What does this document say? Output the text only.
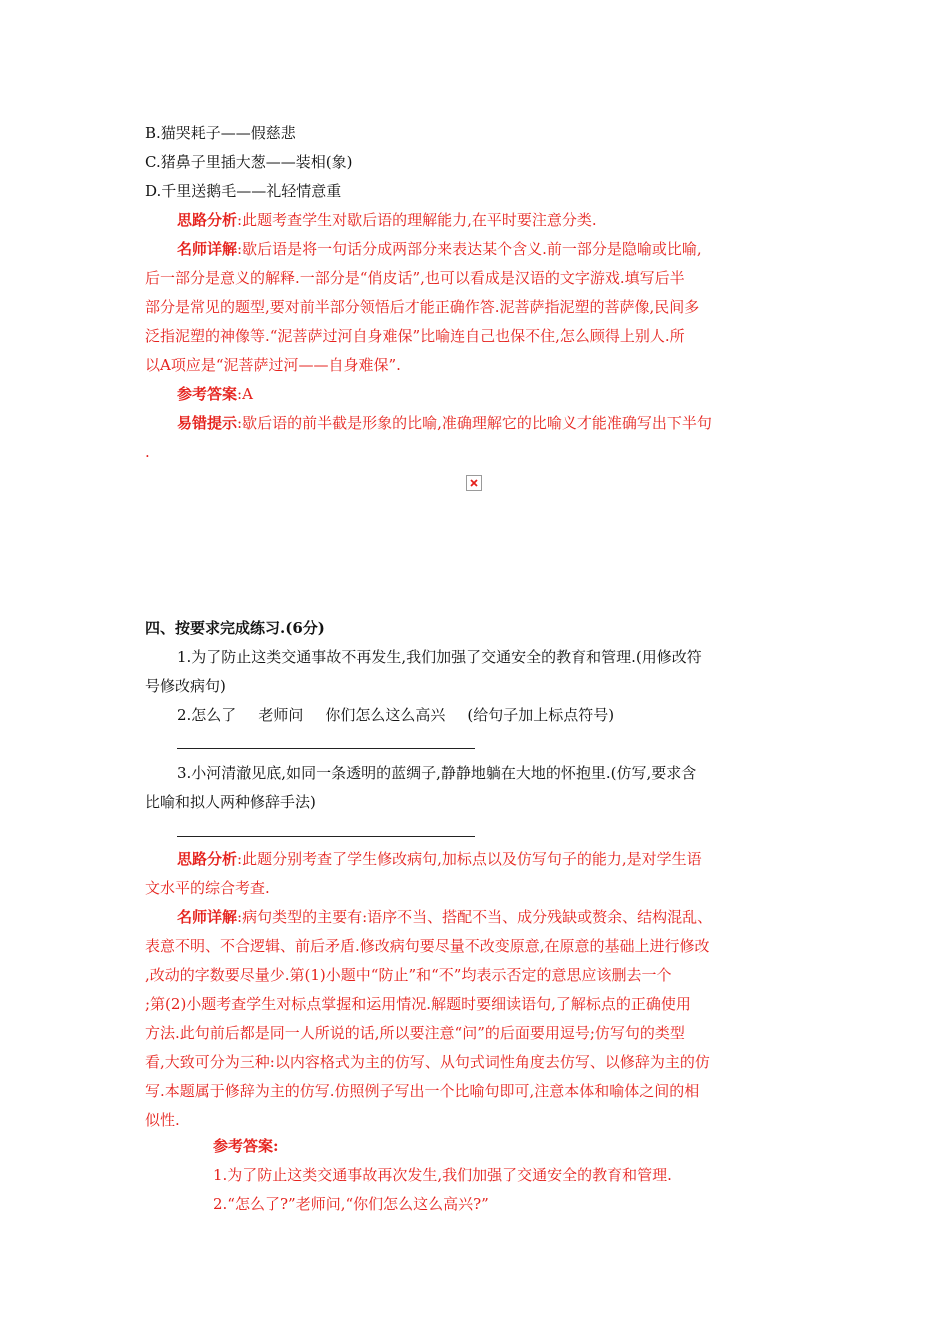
B.猫哭耗子——假慈悲
C.猪鼻子里插大葱——装相(象)
D.千里送鹅毛——礼轻情意重
思路分析:此题考查学生对歇后语的理解能力,在平时要注意分类.
名师详解:歇后语是将一句话分成两部分来表达某个含义.前一部分是隐喻或比喻,
后一部分是意义的解释.一部分是“俏皮话”,也可以看成是汉语的文字游戏.填写后半
部分是常见的题型,要对前半部分领悟后才能正确作答.泥菩萨指泥塑的菩萨像,民间多
泛指泥塑的神像等.“泥菩萨过河自身难保”比喻连自己也保不住,怎么顾得上别人.所
以A项应是“泥菩萨过河——自身难保”.
参考答案:A
易错提示:歇后语的前半截是形象的比喻,准确理解它的比喻义才能准确写出下半句
.
四、按要求完成练习.(6分)
1.为了防止这类交通事故不再发生,我们加强了交通安全的教育和管理.(用修改符
号修改病句)
2.怎么了 老师问 你们怎么这么高兴 (给句子加上标点符号)
3.小河清澈见底,如同一条透明的蓝绸子,静静地躺在大地的怀抱里.(仿写,要求含
比喻和拟人两种修辞手法)
思路分析:此题分别考查了学生修改病句,加标点以及仿写句子的能力,是对学生语
文水平的综合考查.
名师详解:病句类型的主要有:语序不当、搭配不当、成分残缺或赘余、结构混乱、
表意不明、不合逻辑、前后矛盾.修改病句要尽量不改变原意,在原意的基础上进行修改
,改动的字数要尽量少.第(1)小题中“防止”和“不”均表示否定的意思应该删去一个
;第(2)小题考查学生对标点掌握和运用情况.解题时要细读语句,了解标点的正确使用
方法.此句前后都是同一人所说的话,所以要注意“问”的后面要用逗号;仿写句的类型
看,大致可分为三种:以内容格式为主的仿写、从句式词性角度去仿写、以修辞为主的仿
写.本题属于修辞为主的仿写.仿照例子写出一个比喻句即可,注意本体和喻体之间的相
似性.
参考答案:
1.为了防止这类交通事故再次发生,我们加强了交通安全的教育和管理.
2.“怎么了?”老师问,“你们怎么这么高兴?”
